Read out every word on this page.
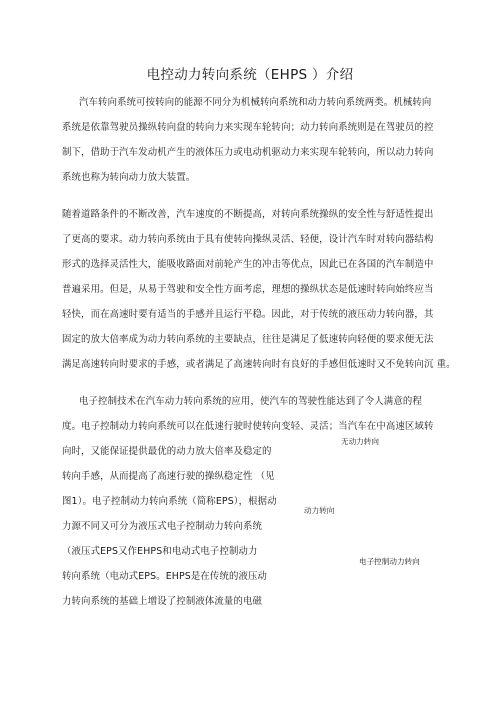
电控动力转向系统（EHPS ）介绍
汽车转向系统可按转向的能源不同分为机械转向系统和动力转向系统两类。机械转向
系统是依靠驾驶员操纵转向盘的转向力来实现车轮转向；动力转向系统则是在驾驶员的控
制下，借助于汽车发动机产生的液体压力或电动机驱动力来实现车轮转向，所以动力转向
系统也称为转向动力放大装置。
随着道路条件的不断改善，汽车速度的不断提高，对转向系统操纵的安全性与舒适性提出
了更高的要求。动力转向系统由于具有使转向操纵灵活、轻便，设计汽车时对转向器结构
形式的选择灵活性大，能吸收路面对前轮产生的冲击等优点，因此已在各国的汽车制造中
普遍采用。但是，从易于驾驶和安全性方面考虑，理想的操纵状态是低速时转向始终应当
轻快，而在高速时要有适当的手感并且运行平稳。因此，对于传统的液压动力转向器，其
固定的放大倍率成为动力转向系统的主要缺点，往往是满足了低速转向轻便的要求便无法
满足高速转向时要求的手感，或者满足了高速转向时有良好的手感但低速时又不免转向沉 重。
电子控制技术在汽车动力转向系统的应用，使汽车的驾驶性能达到了令人满意的程
度。电子控制动力转向系统可以在低速行驶时使转向变轻、灵活；当汽车在中高速区域转
向时，又能保证提供最优的动力放大倍率及稳定的
转向手感，从而提高了高速行驶的操纵稳定性 （见
图1）。电子控制动力转向系统（简称EPS），根据动
力源不同又可分为液压式电子控制动力转向系统
（液压式EPS又作EHPS和电动式电子控制动力
转向系统（电动式EPS。EHPS是在传统的液压动
力转向系统的基础上增设了控制液体流量的电磁
无动力转向
动力转向
电子控制动力转向
